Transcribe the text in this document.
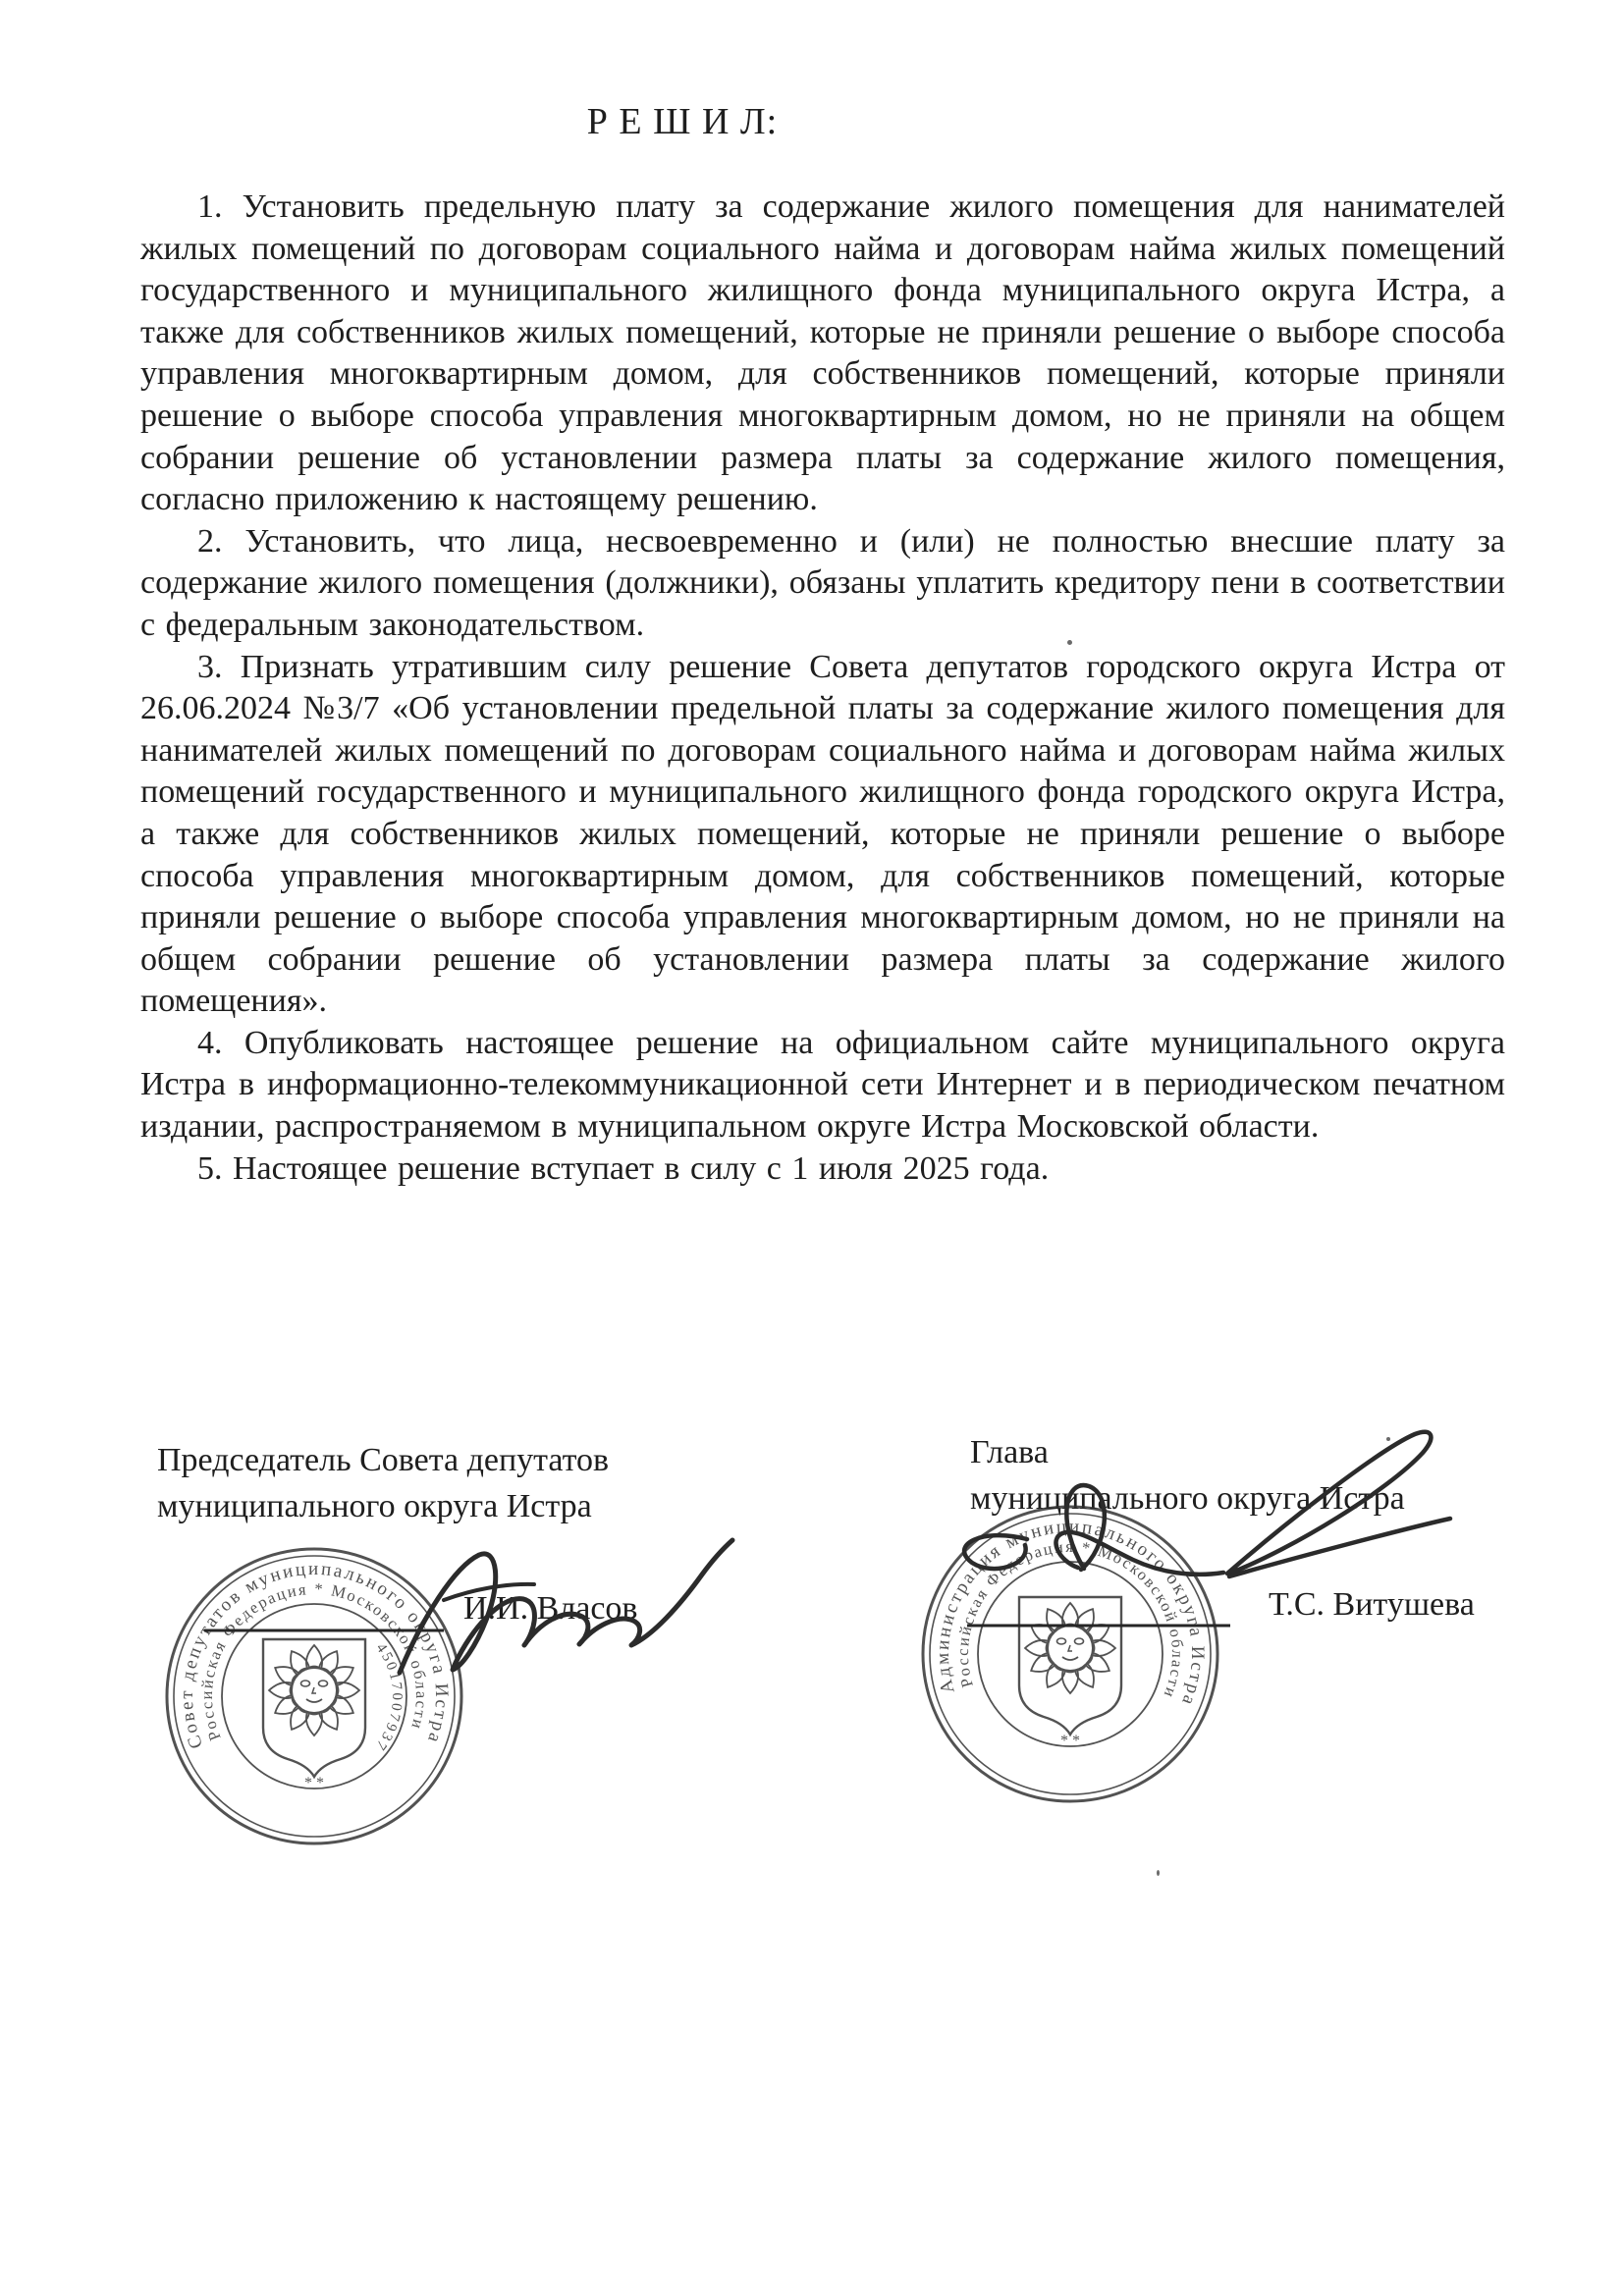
Р Е Ш И Л:

1. Установить предельную плату за содержание жилого помещения для нанимателей жилых помещений по договорам социального найма и договорам найма жилых помещений государственного и муниципального жилищного фонда муниципального округа Истра, а также для собственников жилых помещений, которые не приняли решение о выборе способа управления многоквартирным домом, для собственников помещений, которые приняли решение о выборе способа управления многоквартирным домом, но не приняли на общем собрании решение об установлении размера платы за содержание жилого помещения, согласно приложению к настоящему решению.

2. Установить, что лица, несвоевременно и (или) не полностью внесшие плату за содержание жилого помещения (должники), обязаны уплатить кредитору пени в соответствии с федеральным законодательством.

3. Признать утратившим силу решение Совета депутатов городского округа Истра от 26.06.2024 №3/7 «Об установлении предельной платы за содержание жилого помещения для нанимателей жилых помещений по договорам социального найма и договорам найма жилых помещений государственного и муниципального жилищного фонда городского округа Истра, а также для собственников жилых помещений, которые не приняли решение о выборе способа управления многоквартирным домом, для собственников помещений, которые приняли решение о выборе способа управления многоквартирным домом, но не приняли на общем собрании решение об установлении размера платы за содержание жилого помещения».

4. Опубликовать настоящее решение на официальном сайте муниципального округа Истра в информационно-телекоммуникационной сети Интернет и в периодическом печатном издании, распространяемом в муниципальном округе Истра Московской области.

5. Настоящее решение вступает в силу с 1 июля 2025 года.

Председатель Совета депутатов
муниципального округа Истра
Глава
муниципального округа Истра
И.И. Власов	Т.С. Витушева
Совет депутатов муниципального округа Истра
Российская Федерация * Московской области
45017007937
* *
Администрация муниципального округа Истра
Российская Федерация * Московской области
* *
